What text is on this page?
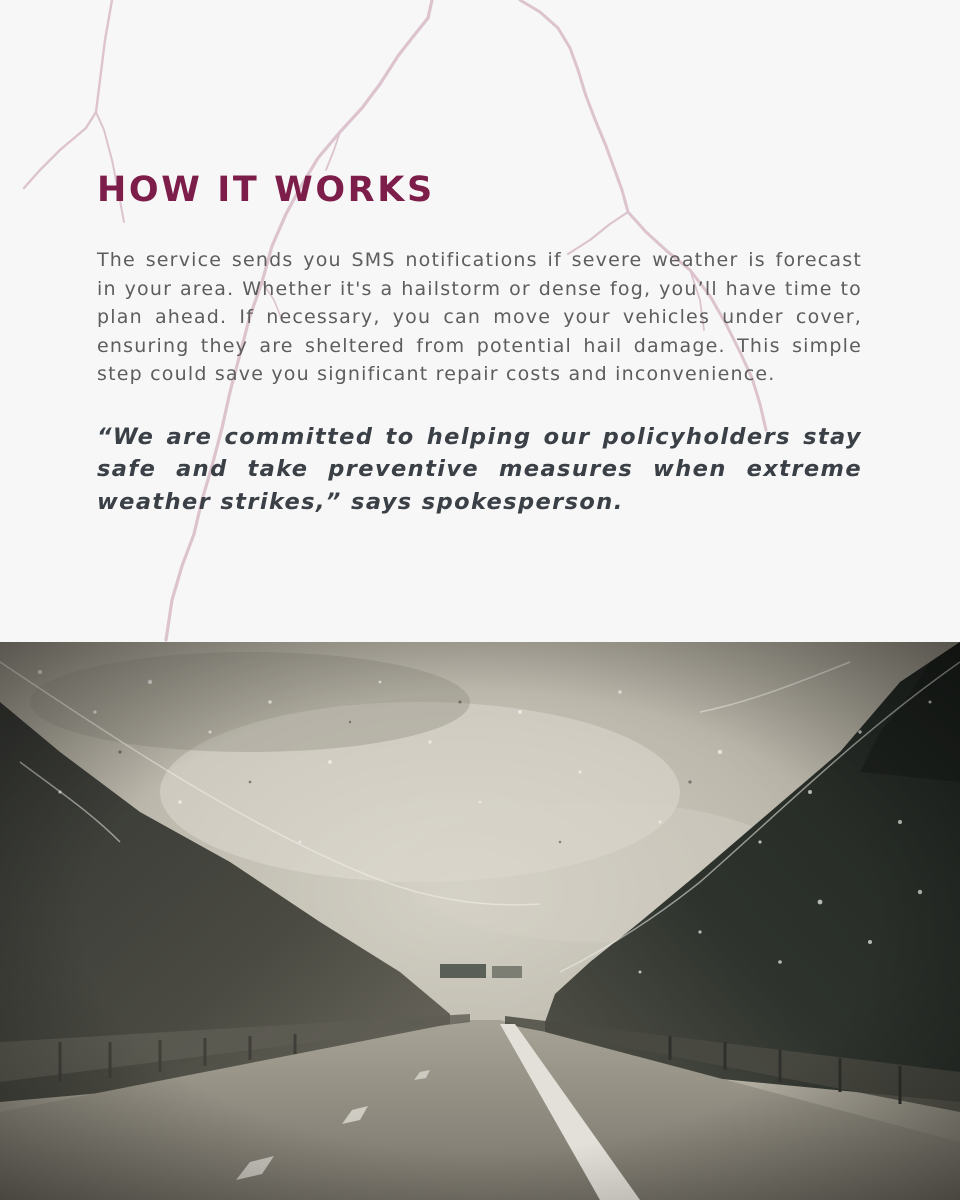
HOW IT WORKS

The service sends you SMS notifications if severe weather is forecast in your area. Whether it's a hailstorm or dense fog, you’ll have time to plan ahead. If necessary, you can move your vehicles under cover, ensuring they are sheltered from potential hail damage. This simple step could save you significant repair costs and inconvenience.

“We are committed to helping our policyholders stay safe and take preventive measures when extreme weather strikes,” says spokesperson.
